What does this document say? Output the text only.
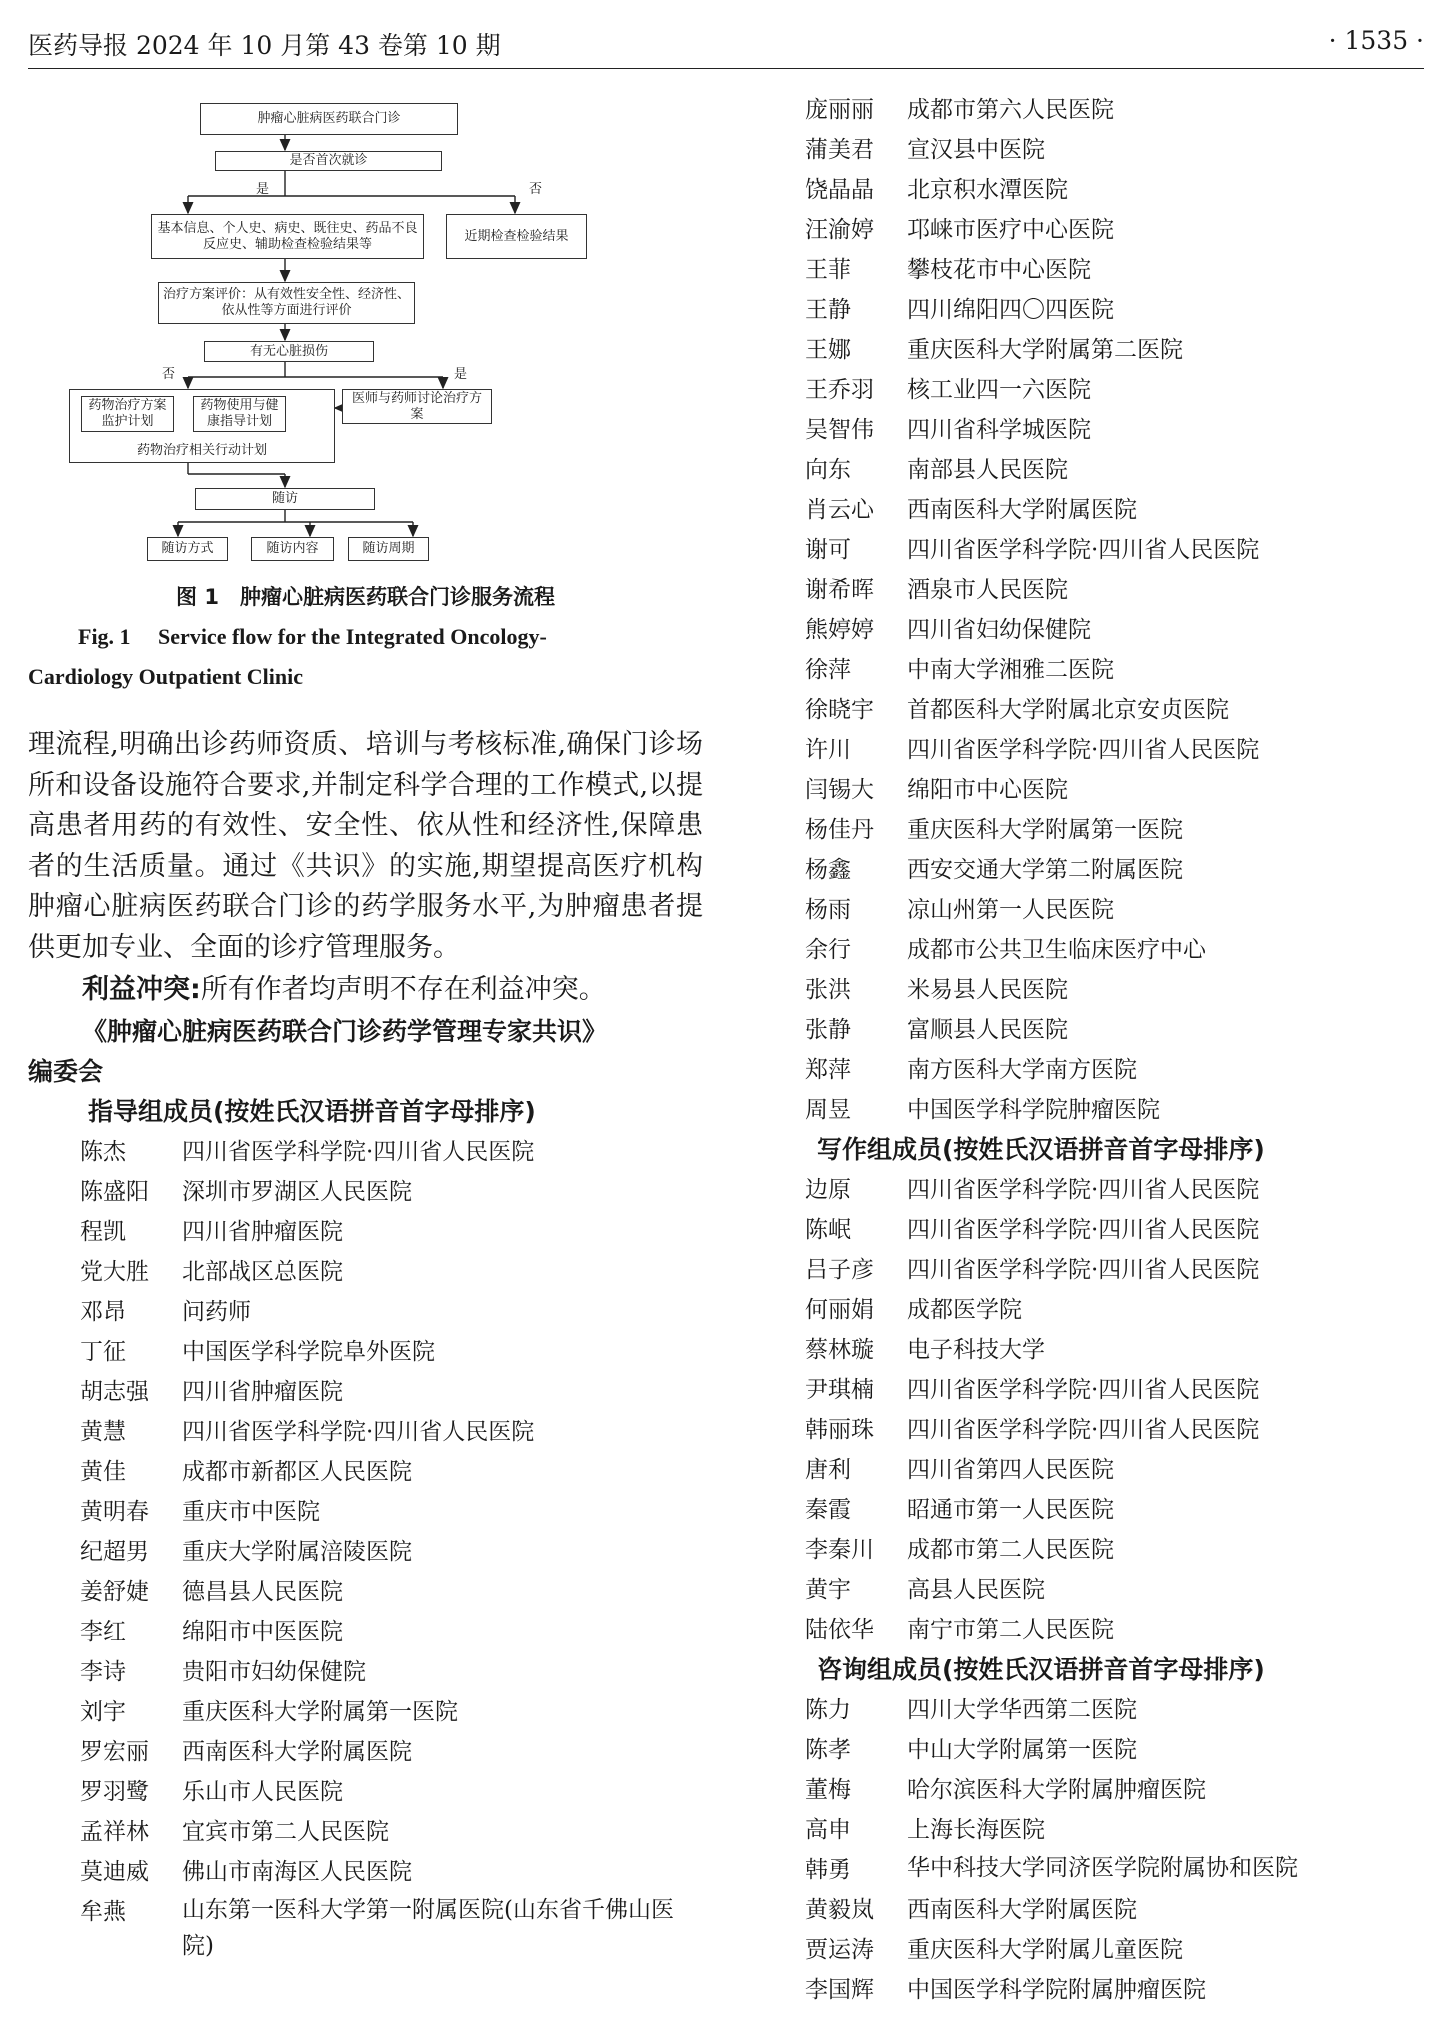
医药导报 2024 年 10 月第 43 卷第 10 期	· 1535 ·
肿瘤心脏病医药联合门诊
是否首次就诊
是	否
基本信息、个人史、病史、既往史、药品不良反应史、辅助检查检验结果等
近期检查检验结果
治疗方案评价：从有效性安全性、经济性、依从性等方面进行评价
有无心脏损伤
否	是
药物治疗相关行动计划
药物治疗方案监护计划
药物使用与健康指导计划
医师与药师讨论治疗方案
随访
随访方式	随访内容	随访周期
图 1　肿瘤心脏病医药联合门诊服务流程
Fig. 1　 Service flow for the Integrated Oncology-
Cardiology Outpatient Clinic
理流程,明确出诊药师资质、培训与考核标准,确保门诊场所和设备设施符合要求,并制定科学合理的工作模式,以提高患者用药的有效性、安全性、依从性和经济性,保障患者的生活质量。通过《共识》的实施,期望提高医疗机构肿瘤心脏病医药联合门诊的药学服务水平,为肿瘤患者提供更加专业、全面的诊疗管理服务。
利益冲突:所有作者均声明不存在利益冲突。
《肿瘤心脏病医药联合门诊药学管理专家共识》
编委会
指导组成员(按姓氏汉语拼音首字母排序)
陈杰	四川省医学科学院·四川省人民医院
陈盛阳	深圳市罗湖区人民医院
程凯	四川省肿瘤医院
党大胜	北部战区总医院
邓昂	问药师
丁征	中国医学科学院阜外医院
胡志强	四川省肿瘤医院
黄慧	四川省医学科学院·四川省人民医院
黄佳	成都市新都区人民医院
黄明春	重庆市中医院
纪超男	重庆大学附属涪陵医院
姜舒婕	德昌县人民医院
李红	绵阳市中医医院
李诗	贵阳市妇幼保健院
刘宇	重庆医科大学附属第一医院
罗宏丽	西南医科大学附属医院
罗羽鹭	乐山市人民医院
孟祥林	宜宾市第二人民医院
莫迪威	佛山市南海区人民医院
牟燕	山东第一医科大学第一附属医院(山东省千佛山医院)
庞丽丽	成都市第六人民医院
蒲美君	宣汉县中医院
饶晶晶	北京积水潭医院
汪渝婷	邛崃市医疗中心医院
王菲	攀枝花市中心医院
王静	四川绵阳四〇四医院
王娜	重庆医科大学附属第二医院
王乔羽	核工业四一六医院
吴智伟	四川省科学城医院
向东	南部县人民医院
肖云心	西南医科大学附属医院
谢可	四川省医学科学院·四川省人民医院
谢希晖	酒泉市人民医院
熊婷婷	四川省妇幼保健院
徐萍	中南大学湘雅二医院
徐晓宇	首都医科大学附属北京安贞医院
许川	四川省医学科学院·四川省人民医院
闫锡大	绵阳市中心医院
杨佳丹	重庆医科大学附属第一医院
杨鑫	西安交通大学第二附属医院
杨雨	凉山州第一人民医院
余行	成都市公共卫生临床医疗中心
张洪	米易县人民医院
张静	富顺县人民医院
郑萍	南方医科大学南方医院
周昱	中国医学科学院肿瘤医院
写作组成员(按姓氏汉语拼音首字母排序)
边原	四川省医学科学院·四川省人民医院
陈岷	四川省医学科学院·四川省人民医院
吕子彦	四川省医学科学院·四川省人民医院
何丽娟	成都医学院
蔡林璇	电子科技大学
尹琪楠	四川省医学科学院·四川省人民医院
韩丽珠	四川省医学科学院·四川省人民医院
唐利	四川省第四人民医院
秦霞	昭通市第一人民医院
李秦川	成都市第二人民医院
黄宇	高县人民医院
陆依华	南宁市第二人民医院
咨询组成员(按姓氏汉语拼音首字母排序)
陈力	四川大学华西第二医院
陈孝	中山大学附属第一医院
董梅	哈尔滨医科大学附属肿瘤医院
高申	上海长海医院
韩勇	华中科技大学同济医学院附属协和医院
黄毅岚	西南医科大学附属医院
贾运涛	重庆医科大学附属儿童医院
李国辉	中国医学科学院附属肿瘤医院
